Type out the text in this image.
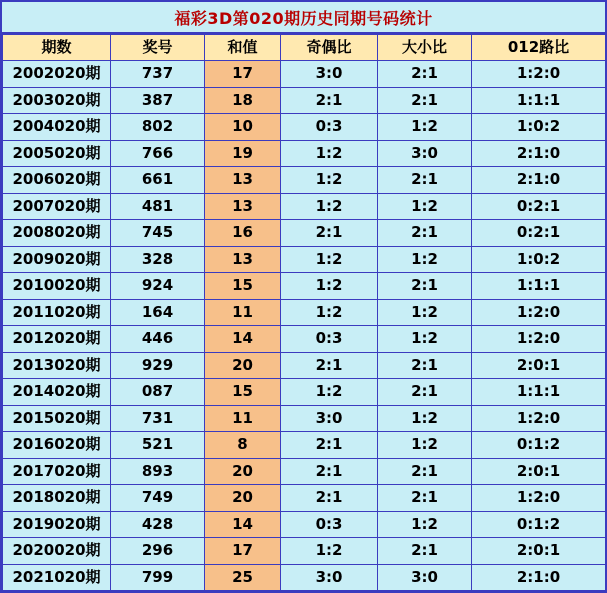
福彩3D第020期历史同期号码统计
期数	奖号	和值	奇偶比	大小比	012路比
2002020期	737	17	3:0	2:1	1:2:0
2003020期	387	18	2:1	2:1	1:1:1
2004020期	802	10	0:3	1:2	1:0:2
2005020期	766	19	1:2	3:0	2:1:0
2006020期	661	13	1:2	2:1	2:1:0
2007020期	481	13	1:2	1:2	0:2:1
2008020期	745	16	2:1	2:1	0:2:1
2009020期	328	13	1:2	1:2	1:0:2
2010020期	924	15	1:2	2:1	1:1:1
2011020期	164	11	1:2	1:2	1:2:0
2012020期	446	14	0:3	1:2	1:2:0
2013020期	929	20	2:1	2:1	2:0:1
2014020期	087	15	1:2	2:1	1:1:1
2015020期	731	11	3:0	1:2	1:2:0
2016020期	521	8	2:1	1:2	0:1:2
2017020期	893	20	2:1	2:1	2:0:1
2018020期	749	20	2:1	2:1	1:2:0
2019020期	428	14	0:3	1:2	0:1:2
2020020期	296	17	1:2	2:1	2:0:1
2021020期	799	25	3:0	3:0	2:1:0
